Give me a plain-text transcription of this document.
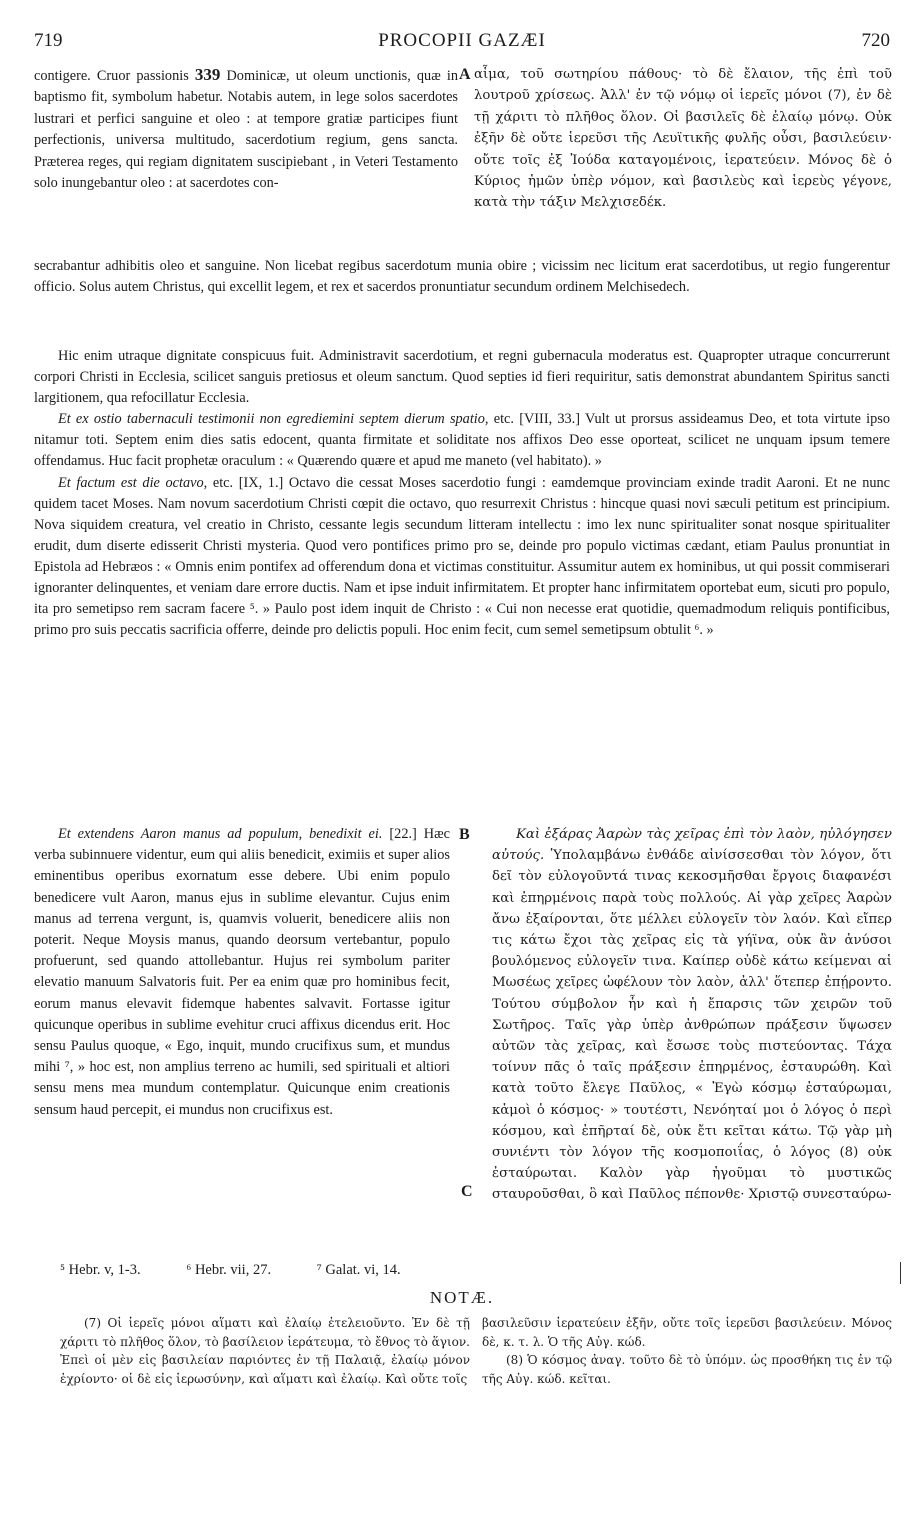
719	PROCOPII GAZÆI	720
A
B
C

contigere. Cruor passionis 339 Dominicæ, ut oleum unctionis, quæ in baptismo fit, symbolum habetur. Notabis autem, in lege solos sacerdotes lustrari et perfici sanguine et oleo : at tempore gratiæ participes fiunt perfectionis, universa multitudo, sacerdotium regium, gens sancta. Præterea reges, qui regiam dignitatem suscipiebant , in Veteri Testamento solo inungebantur oleo : at sacerdotes con-

αἷμα, τοῦ σωτηρίου πάθους· τὸ δὲ ἔλαιον, τῆς ἐπὶ τοῦ λουτροῦ χρίσεως. Ἀλλ' ἐν τῷ νόμῳ οἱ ἱερεῖς μόνοι (7), ἐν δὲ τῇ χάριτι τὸ πλῆθος ὅλον. Οἱ βασιλεῖς δὲ ἐλαίῳ μόνῳ. Οὐκ ἐξῆν δὲ οὔτε ἱερεῦσι τῆς Λευϊτικῆς φυλῆς οὖσι, βασιλεύειν· οὔτε τοῖς ἐξ Ἰούδα καταγομένοις, ἱερατεύειν. Μόνος δὲ ὁ Κύριος ἡμῶν ὑπὲρ νόμον, καὶ βασιλεὺς καὶ ἱερεὺς γέγονε, κατὰ τὴν τάξιν Μελχισεδέκ.

secrabantur adhibitis oleo et sanguine. Non licebat regibus sacerdotum munia obire ; vicissim nec licitum erat sacerdotibus, ut regio fungerentur officio. Solus autem Christus, qui excellit legem, et rex et sacerdos pronuntiatur secundum ordinem Melchisedech.

Hic enim utraque dignitate conspicuus fuit. Administravit sacerdotium, et regni gubernacula moderatus est. Quapropter utraque concurrerunt corpori Christi in Ecclesia, scilicet sanguis pretiosus et oleum sanctum. Quod septies id fieri requiritur, satis demonstrat abundantem Spiritus sancti largitionem, qua refocillatur Ecclesia.

Et ex ostio tabernaculi testimonii non egrediemini septem dierum spatio, etc. [VIII, 33.] Vult ut prorsus assideamus Deo, et tota virtute ipso nitamur toti. Septem enim dies satis edocent, quanta firmitate et soliditate nos affixos Deo esse oporteat, scilicet ne unquam ipsum temere offendamus. Huc facit prophetæ oraculum : « Quærendo quære et apud me maneto (vel habitato). »

Et factum est die octavo, etc. [IX, 1.] Octavo die cessat Moses sacerdotio fungi : eamdemque provinciam exinde tradit Aaroni. Et ne nunc quidem tacet Moses. Nam novum sacerdotium Christi cœpit die octavo, quo resurrexit Christus : hincque quasi novi sæculi petitum est principium. Nova siquidem creatura, vel creatio in Christo, cessante legis secundum litteram intellectu : imo lex nunc spiritualiter sonat nosque spiritualiter erudit, dum diserte edisserit Christi mysteria. Quod vero pontifices primo pro se, deinde pro populo victimas cædant, etiam Paulus pronuntiat in Epistola ad Hebræos : « Omnis enim pontifex ad offerendum dona et victimas constituitur. Assumitur autem ex hominibus, ut qui possit commiserari ignoranter delinquentes, et veniam dare errore ductis. Nam et ipse induit infirmitatem. Et propter hanc infirmitatem oportebat eum, sicuti pro populo, ita pro semetipso rem sacram facere ⁵. » Paulo post idem inquit de Christo : « Cui non necesse erat quotidie, quemadmodum reliquis pontificibus, primo pro suis peccatis sacrificia offerre, deinde pro delictis populi. Hoc enim fecit, cum semel semetipsum obtulit ⁶. »

Et extendens Aaron manus ad populum, benedixit ei. [22.] Hæc verba subinnuere videntur, eum qui aliis benedicit, eximiis et super alios eminentibus operibus exornatum esse debere. Ubi enim populo benedicere vult Aaron, manus ejus in sublime elevantur. Cujus enim manus ad terrena vergunt, is, quamvis voluerit, benedicere aliis non poterit. Neque Moysis manus, quando deorsum vertebantur, populo profuerunt, sed quando attollebantur. Hujus rei symbolum pariter elevatio manuum Salvatoris fuit. Per ea enim quæ pro hominibus fecit, eorum manus elevavit fidemque habentes salvavit. Fortasse igitur quicunque operibus in sublime evehitur cruci affixus dicendus erit. Hoc sensu Paulus quoque, « Ego, inquit, mundo crucifixus sum, et mundus mihi ⁷, » hoc est, non amplius terreno ac humili, sed spirituali et altiori sensu mens mea mundum contemplatur. Quicunque enim creationis sensum haud percepit, ei mundus non crucifixus est.

Καὶ ἐξάρας Ἀαρὼν τὰς χεῖρας ἐπὶ τὸν λαὸν, ηὐλόγησεν αὐτούς. Ὑπολαμβάνω ἐνθάδε αἰνίσσεσθαι τὸν λόγον, ὅτι δεῖ τὸν εὐλογοῦντά τινας κεκοσμῆσθαι ἔργοις διαφανέσι καὶ ἐπηρμένοις παρὰ τοὺς πολλούς. Αἱ γὰρ χεῖρες Ἀαρὼν ἄνω ἐξαίρονται, ὅτε μέλλει εὐλογεῖν τὸν λαόν. Καὶ εἴπερ τις κάτω ἔχοι τὰς χεῖρας εἰς τὰ γήϊνα, οὐκ ἂν ἀνύσοι βουλόμενος εὐλογεῖν τινα. Καίπερ οὐδὲ κάτω κείμεναι αἱ Μωσέως χεῖρες ὠφέλουν τὸν λαὸν, ἀλλ' ὅτεπερ ἐπῄροντο. Τούτου σύμβολον ἦν καὶ ἡ ἔπαρσις τῶν χειρῶν τοῦ Σωτῆρος. Ταῖς γὰρ ὑπὲρ ἀνθρώπων πράξεσιν ὕψωσεν αὐτῶν τὰς χεῖρας, καὶ ἔσωσε τοὺς πιστεύοντας. Τάχα τοίνυν πᾶς ὁ ταῖς πράξεσιν ἐπηρμένος, ἐσταυρώθη. Καὶ κατὰ τοῦτο ἔλεγε Παῦλος, « Ἐγὼ κόσμῳ ἐσταύρωμαι, κἀμοὶ ὁ κόσμος· » τουτέστι, Νενόηταί μοι ὁ λόγος ὁ περὶ κόσμου, καὶ ἐπῆρταί δὲ, οὐκ ἔτι κεῖται κάτω. Τῷ γὰρ μὴ συνιέντι τὸν λόγον τῆς κοσμοποιΐας, ὁ λόγος (8) οὐκ ἐσταύρωται. Καλὸν γὰρ ἡγοῦμαι τὸ μυστικῶς σταυροῦσθαι, ὃ καὶ Παῦλος πέπονθε· Χριστῷ συνεσταύρω-

⁵ Hebr. v, 1-3.	⁶ Hebr. vii, 27.	⁷ Galat. vi, 14.
NOTÆ.

(7) Οἱ ἱερεῖς μόνοι αἵματι καὶ ἐλαίῳ ἐτελειοῦντο. Ἐν δὲ τῇ χάριτι τὸ πλῆθος ὅλον, τὸ βασίλειον ἱεράτευμα, τὸ ἔθνος τὸ ἅγιον. Ἐπεὶ οἱ μὲν εἰς βασιλείαν παριόντες ἐν τῇ Παλαιᾷ, ἐλαίῳ μόνον ἐχρίοντο· οἱ δὲ εἰς ἱερωσύνην, καὶ αἵματι καὶ ἐλαίῳ. Καὶ οὔτε τοῖς

βασιλεῦσιν ἱερατεύειν ἐξῆν, οὔτε τοῖς ἱερεῦσι βασιλεύειν. Μόνος δὲ, κ. τ. λ. Ὁ τῆς Αὐγ. κώδ.

(8) Ὁ κόσμος ἀναγ. τοῦτο δὲ τὸ ὑπόμν. ὡς προσθήκη τις ἐν τῷ τῆς Αὐγ. κώδ. κεῖται.
